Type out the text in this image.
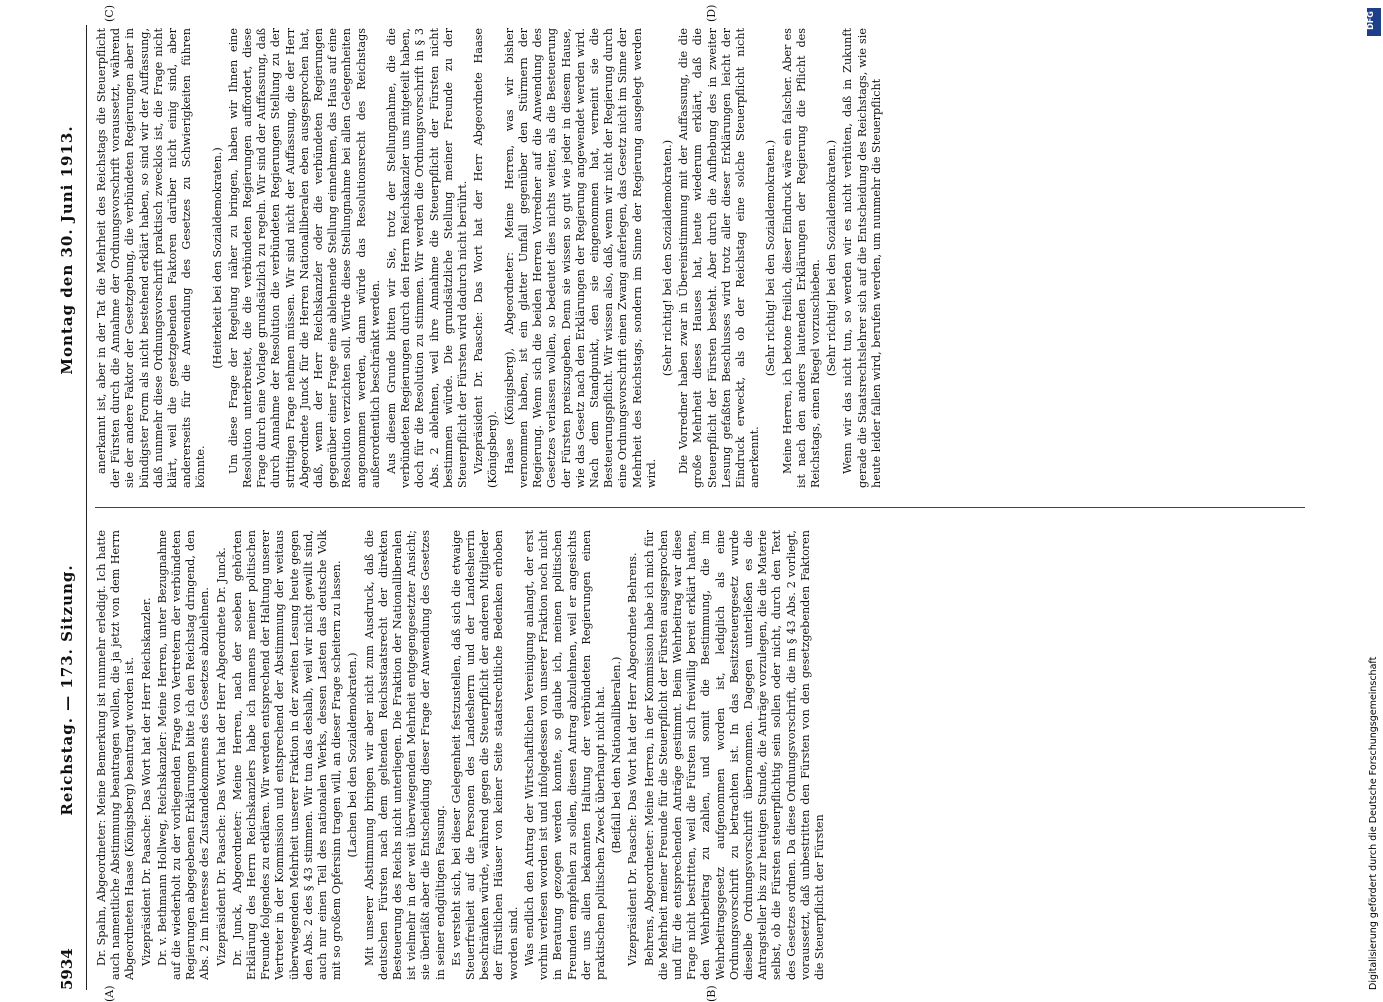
5934
Reichstag. — 173. Sitzung.
Montag den 30. Juni 1913.
(A)	(B)
(C)	(D)

Dr. Spahn, Abgeordneter: Meine Bemerkung ist nunmehr erledigt. Ich hatte auch namentliche Abstimmung beantragen wollen, die ja jetzt von dem Herrn Abgeordneten Haase (Königsberg) beantragt worden ist. Vizepräsident Dr. Paasche: Das Wort hat der Herr Reichskanzler. Dr. v. Bethmann Hollweg, Reichskanzler: Meine Herren, unter Bezugnahme auf die wiederholt zu der vorliegenden Frage von Vertretern der verbündeten Regierungen abgegebenen Erklärungen bitte ich den Reichstag dringend, den Abs. 2 im Interesse des Zustandekommens des Gesetzes abzulehnen. Vizepräsident Dr. Paasche: Das Wort hat der Herr Abgeordnete Dr. Junck. Dr. Junck, Abgeordneter: Meine Herren, nach der soeben gehörten Erklärung des Herrn Reichskanzlers habe ich namens meiner politischen Freunde folgendes zu erklären. Wir werden entsprechend der Haltung unserer Vertreter in der Kommission und entsprechend der Abstimmung der weitaus überwiegenden Mehrheit unserer Fraktion in der zweiten Lesung heute gegen den Abs. 2 des § 43 stimmen. Wir tun das deshalb, weil wir nicht gewillt sind, auch nur einen Teil des nationalen Werks, dessen Lasten das deutsche Volk mit so großem Opfersinn tragen will, an dieser Frage scheitern zu lassen. (Lachen bei den Sozialdemokraten.) Mit unserer Abstimmung bringen wir aber nicht zum Ausdruck, daß die deutschen Fürsten nach dem geltenden Reichsstaatsrecht der direkten Besteuerung des Reichs nicht unterliegen. Die Fraktion der Nationalliberalen ist vielmehr in der weit überwiegenden Mehrheit entgegengesetzter Ansicht; sie überläßt aber die Entscheidung dieser Frage der Anwendung des Gesetzes in seiner endgültigen Fassung. Es versteht sich, bei dieser Gelegenheit festzustellen, daß sich die etwaige Steuerfreiheit auf die Personen des Landesherrn und der Landesherrin beschränken würde, während gegen die Steuerpflicht der anderen Mitglieder der fürstlichen Häuser von keiner Seite staatsrechtliche Bedenken erhoben worden sind. Was endlich den Antrag der Wirtschaftlichen Vereinigung anlangt, der erst vorhin verlesen worden ist und infolgedessen von unserer Fraktion noch nicht in Beratung gezogen werden konnte, so glaube ich, meinen politischen Freunden empfehlen zu sollen, diesen Antrag abzulehnen, weil er angesichts der uns allen bekannten Haltung der verbündeten Regierungen einen praktischen politischen Zweck überhaupt nicht hat. (Beifall bei den Nationalliberalen.) Vizepräsident Dr. Paasche: Das Wort hat der Herr Abgeordnete Behrens. Behrens, Abgeordneter: Meine Herren, in der Kommission habe ich mich für die Mehrheit meiner Freunde für die Steuerpflicht der Fürsten ausgesprochen und für die entsprechenden Anträge gestimmt. Beim Wehrbeitrag war diese Frage nicht bestritten, weil die Fürsten sich freiwillig bereit erklärt hatten, den Wehrbeitrag zu zahlen, und somit die Bestimmung, die im Wehrbeitragsgesetz aufgenommen worden ist, lediglich als eine Ordnungsvorschrift zu betrachten ist. In das Besitzsteuergesetz wurde dieselbe Ordnungsvorschrift übernommen. Dagegen unterließen es die Antragsteller bis zur heutigen Stunde, die Anträge vorzulegen, die die Materie selbst, ob die Fürsten steuerpflichtig sein sollen oder nicht, durch den Text des Gesetzes ordnen. Da diese Ordnungsvorschrift, die im § 43 Abs. 2 vorliegt, voraussetzt, daß unbestritten den Fürsten von den gesetzgebenden Faktoren die Steuerpflicht der Fürsten

anerkannt ist, aber in der Tat die Mehrheit des Reichstags die Steuerpflicht der Fürsten durch die Annahme der Ordnungsvorschrift voraussetzt, während sie der andere Faktor der Gesetzgebung, die verbündeten Regierungen aber in bündigster Form als nicht bestehend erklärt haben, so sind wir der Auffassung, daß nunmehr diese Ordnungsvorschrift praktisch zwecklos ist, die Frage nicht klärt, weil die gesetzgebenden Faktoren darüber nicht einig sind, aber andererseits für die Anwendung des Gesetzes zu Schwierigkeiten führen könnte.

(Heiterkeit bei den Sozialdemokraten.) Um diese Frage der Regelung näher zu bringen, haben wir Ihnen eine Resolution unterbreitet, die die verbündeten Regierungen auffordert, diese Frage durch eine Vorlage grundsätzlich zu regeln. Wir sind der Auffassung, daß durch Annahme der Resolution die verbündeten Regierungen Stellung zu der strittigen Frage nehmen müssen. Wir sind nicht der Auffassung, die der Herr Abgeordnete Junck für die Herren Nationalliberalen eben ausgesprochen hat, daß, wenn der Herr Reichskanzler oder die verbündeten Regierungen gegenüber einer Frage eine ablehnende Stellung einnehmen, das Haus auf eine Resolution verzichten soll. Würde diese Stellungnahme bei allen Gelegenheiten angenommen werden, dann würde das Resolutionsrecht des Reichstags außerordentlich beschränkt werden. Aus diesem Grunde bitten wir Sie, trotz der Stellungnahme, die die verbündeten Regierungen durch den Herrn Reichskanzler uns mitgeteilt haben, doch für die Resolution zu stimmen. Wir werden die Ordnungsvorschrift in § 3 Abs. 2 ablehnen, weil ihre Annahme die Steuerpflicht der Fürsten nicht bestimmen würde. Die grundsätzliche Stellung meiner Freunde zu der Steuerpflicht der Fürsten wird dadurch nicht berührt. Vizepräsident Dr. Paasche: Das Wort hat der Herr Abgeordnete Haase (Königsberg). Haase (Königsberg), Abgeordneter: Meine Herren, was wir bisher vernommen haben, ist ein glatter Umfall gegenüber den Stürmern der Regierung. Wenn sich die beiden Herren Vorredner auf die Anwendung des Gesetzes verlassen wollen, so bedeutet dies nichts weiter, als die Besteuerung der Fürsten preiszugeben. Denn sie wissen so gut wie jeder in diesem Hause, wie das Gesetz nach den Erklärungen der Regierung angewendet werden wird. Nach dem Standpunkt, den sie eingenommen hat, verneint sie die Besteuerungspflicht. Wir wissen also, daß, wenn wir nicht der Regierung durch eine Ordnungsvorschrift einen Zwang auferlegen, das Gesetz nicht im Sinne der Mehrheit des Reichstags, sondern im Sinne der Regierung ausgelegt werden wird.

(Sehr richtig! bei den Sozialdemokraten.) Die Vorredner haben zwar in Übereinstimmung mit der Auffassung, die die große Mehrheit dieses Hauses hat, heute wiederum erklärt, daß die Steuerpflicht der Fürsten besteht. Aber durch die Aufhebung des in zweiter Lesung gefaßten Beschlusses wird trotz aller dieser Erklärungen leicht der Eindruck erweckt, als ob der Reichstag eine solche Steuerpflicht nicht anerkennt.

(Sehr richtig! bei den Sozialdemokraten.) Meine Herren, ich betone freilich, dieser Eindruck wäre ein falscher. Aber es ist nach den anders lautenden Erklärungen der Regierung die Pflicht des Reichstags, einen Riegel vorzuschieben. (Sehr richtig! bei den Sozialdemokraten.) Wenn wir das nicht tun, so werden wir es nicht verhüten, daß in Zukunft gerade die Staatsrechtslehrer sich auf die Entscheidung des Reichstags, wie sie heute leider fallen wird, berufen werden, um nunmehr die Steuerpflicht

DFG
Digitalisierung gefördert durch die Deutsche Forschungsgemeinschaft
